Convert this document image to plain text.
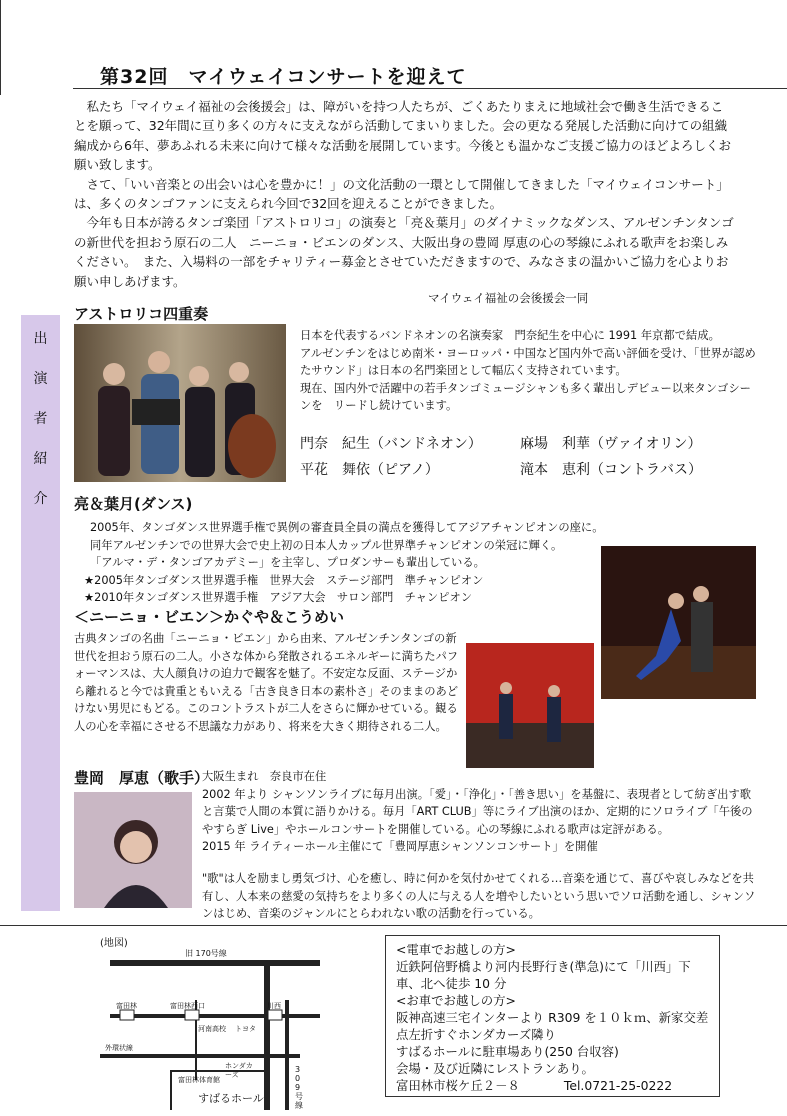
第32回　マイウェイコンサートを迎えて

私たち「マイウェイ福祉の会後援会」は、障がいを持つ人たちが、ごくあたりまえに地域社会で働き生活できることを願って、32年間に亘り多くの方々に支えながら活動してまいりました。会の更なる発展した活動に向けての組織編成から6年、夢あふれる未来に向けて様々な活動を展開しています。今後とも温かなご支援ご協力のほどよろしくお願い致します。

さて、「いい音楽との出会いは心を豊かに！」の文化活動の一環として開催してきました「マイウェイコンサート」は、多くのタンゴファンに支えられ今回で32回を迎えることができました。

今年も日本が誇るタンゴ楽団「アストロリコ」の演奏と「亮＆葉月」のダイナミックなダンス、アルゼンチンタンゴの新世代を担おう原石の二人　ニーニョ・ビエンのダンス、大阪出身の豊岡 厚恵の心の琴線にふれる歌声をお楽しみください。　また、入場料の一部をチャリティー募金とさせていただきますので、みなさまの温かいご協力を心よりお願い申しあげます。

マイウェイ福祉の会後援会一同
出
演
者
紹
介
アストロリコ四重奏

日本を代表するバンドネオンの名演奏家　門奈紀生を中心に 1991 年京都で結成。

アルゼンチンをはじめ南米・ヨーロッパ・中国など国内外で高い評価を受け、「世界が認めたサウンド」は日本の名門楽団として幅広く支持されています。

現在、国内外で活躍中の若手タンゴミュージシャンも多く輩出しデビュー以来タンゴシーンを　リードし続けています。

門奈　紀生（バンドネオン）	麻場　利華（ヴァイオリン）
平花　舞依（ピアノ）	滝本　恵利（コントラバス）
亮＆葉月(ダンス)

2005年、タンゴダンス世界選手権で異例の審査員全員の満点を獲得してアジアチャンピオンの座に。

同年アルゼンチンでの世界大会で史上初の日本人カップル世界準チャンピオンの栄冠に輝く。

「アルマ・デ・タンゴアカデミー」を主宰し、プロダンサーも輩出している。

★2005年タンゴダンス世界選手権　世界大会　ステージ部門　準チャンピオン

★2010年タンゴダンス世界選手権　アジア大会　サロン部門　チャンピオン

＜ニーニョ・ビエン＞かぐや＆こうめい

古典タンゴの名曲「ニーニョ・ビエン」から由来、アルゼンチンタンゴの新世代を担おう原石の二人。小さな体から発散されるエネルギーに満ちたパフォーマンスは、大人顔負けの迫力で観客を魅了。不安定な反面、ステージから離れると今では貴重ともいえる「古き良き日本の素朴さ」そのままのあどけない男児にもどる。このコントラストが二人をさらに輝かせている。観る人の心を幸福にさせる不思議な力があり、将来を大きく期待される二人。

豊岡　厚恵（歌手）

大阪生まれ　奈良市在住

2002 年より シャンソンライブに毎月出演。「愛」・「浄化」・「善き思い」を基盤に、表現者として紡ぎ出す歌と言葉で人間の本質に語りかける。毎月「ART CLUB」等にライブ出演のほか、定期的にソロライブ「午後のやすらぎ Live」やホールコンサートを開催している。心の琴線にふれる歌声は定評がある。

2015 年 ライティーホール主催にて「豊岡厚恵シャンソンコンサート」を開催

"歌"は人を励まし勇気づけ、心を癒し、時に何かを気付かせてくれる…音楽を通じて、喜びや哀しみなどを共有し、人本来の慈愛の気持ちをより多くの人に与える人を増やしたいという思いでソロ活動を通し、シャンソンはじめ、音楽のジャンルにとらわれない歌の活動を行っている。

(地図)
旧 170号線
富田林	富田林西口	川西
河南高校 トヨタ
外環状線
富田林体育館
ホンダカーズ
すばるホール
309号線

<電車でお越しの方>

近鉄阿倍野橋より河内長野行き(準急)にて「川西」下車、北へ徒歩 10 分

<お車でお越しの方>

阪神高速三宅インターより R309 を１０ｋｍ、新家交差点左折すぐホンダカーズ隣り

すばるホールに駐車場あり(250 台収容)

会場・及び近隣にレストランあり。

富田林市桜ケ丘２－８	Tel.0721-25-0222
